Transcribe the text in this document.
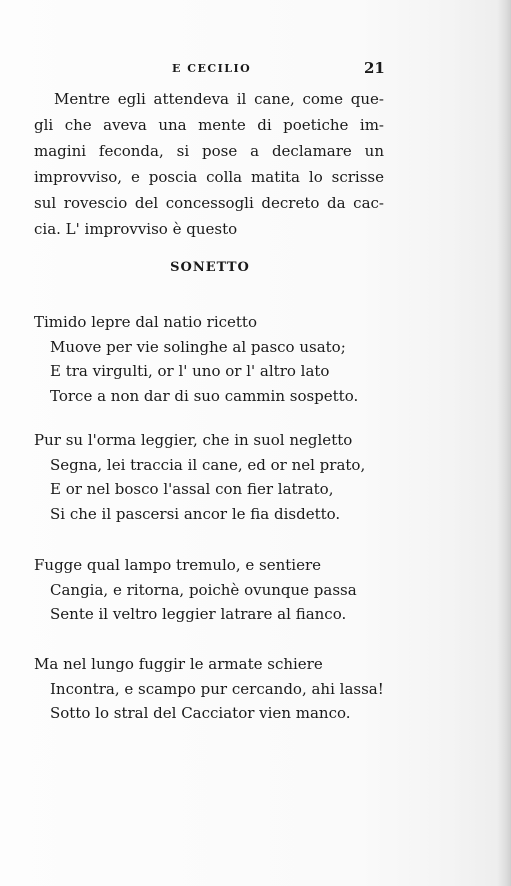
E CECILIO	21
Mentre egli attendeva il cane, come que-
gli che aveva una mente di poetiche im-
magini feconda, si pose a declamare un
improvviso, e poscia colla matita lo scrisse
sul rovescio del concessogli decreto da cac-
cia. L' improvviso è questo
SONETTO
Timido lepre dal natio ricetto
Muove per vie solinghe al pasco usato;
E tra virgulti, or l' uno or l' altro lato
Torce a non dar di suo cammin sospetto.
Pur su l'orma leggier, che in suol negletto
Segna, lei traccia il cane, ed or nel prato,
E or nel bosco l'assal con fier latrato,
Si che il pascersi ancor le fia disdetto.
Fugge qual lampo tremulo, e sentiere
Cangia, e ritorna, poichè ovunque passa
Sente il veltro leggier latrare al fianco.
Ma nel lungo fuggir le armate schiere
Incontra, e scampo pur cercando, ahi lassa!
Sotto lo stral del Cacciator vien manco.
